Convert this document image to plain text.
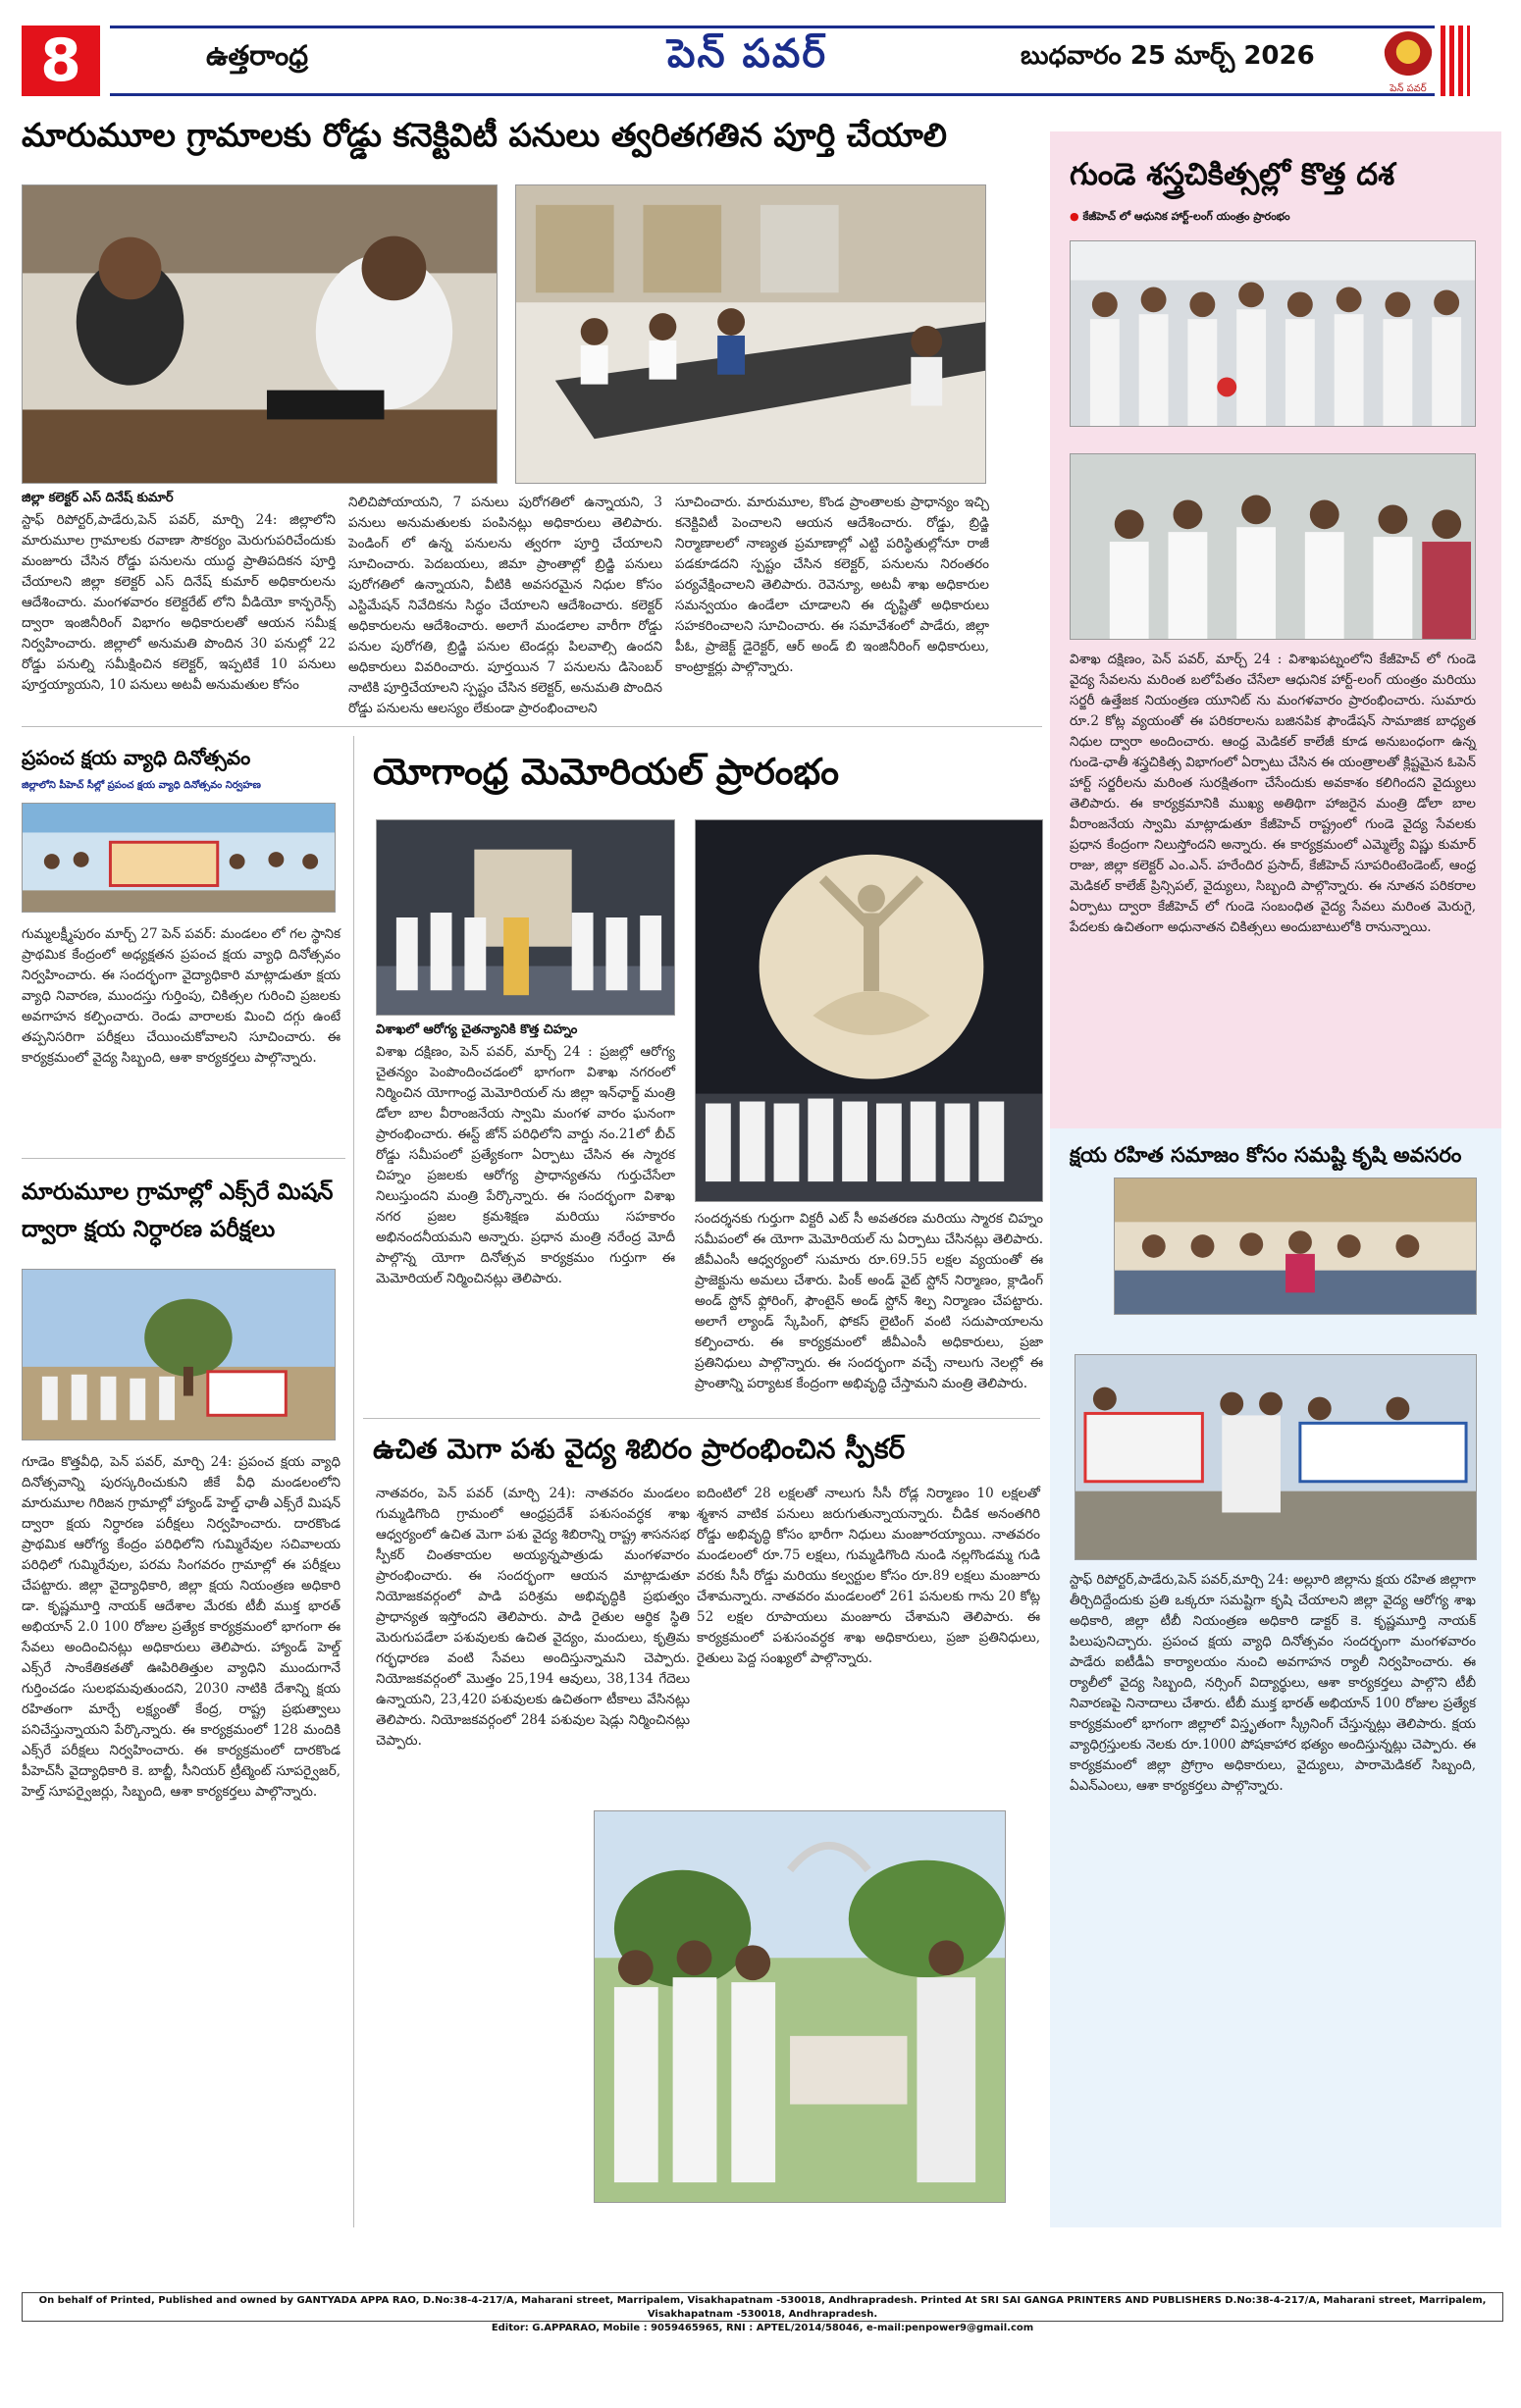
8	ఉత్తరాంధ్ర	పెన్ పవర్	బుధవారం 25 మార్చ్ 2026
పెన్ పవర్
మారుమూల గ్రామాలకు రోడ్డు కనెక్టివిటీ పనులు త్వరితగతిన పూర్తి చేయాలి
జిల్లా కలెక్టర్ ఎస్ దినేష్ కుమార్
స్టాఫ్ రిపోర్టర్,పాడేరు,పెన్ పవర్, మార్చి 24: జిల్లాలోని మారుమూల గ్రామాలకు రవాణా సౌకర్యం మెరుగుపరిచేందుకు మంజూరు చేసిన రోడ్డు పనులను యుద్ధ ప్రాతిపదికన పూర్తి చేయాలని జిల్లా కలెక్టర్ ఎస్ దినేష్ కుమార్ అధికారులను ఆదేశించారు. మంగళవారం కలెక్టరేట్ లోని వీడియో కాన్ఫరెన్స్ ద్వారా ఇంజినీరింగ్ విభాగం అధికారులతో ఆయన సమీక్ష నిర్వహించారు. జిల్లాలో అనుమతి పొందిన 30 పనుల్లో 22 రోడ్డు పనుల్ని సమీక్షించిన కలెక్టర్, ఇప్పటికే 10 పనులు పూర్తయ్యాయని, 10 పనులు అటవీ అనుమతుల కోసం
నిలిచిపోయాయని, 7 పనులు పురోగతిలో ఉన్నాయని, 3 పనులు అనుమతులకు పంపినట్లు అధికారులు తెలిపారు. పెండింగ్ లో ఉన్న పనులను త్వరగా పూర్తి చేయాలని సూచించారు. పెదబయలు, జిమా ప్రాంతాల్లో బ్రిడ్జి పనులు పురోగతిలో ఉన్నాయని, వీటికి అవసరమైన నిధుల కోసం ఎస్టిమేషన్ నివేదికను సిద్ధం చేయాలని ఆదేశించారు. కలెక్టర్ అధికారులను ఆదేశించారు. అలాగే మండలాల వారీగా రోడ్డు పనుల పురోగతి, బ్రిడ్జి పనుల టెండర్లు పిలవాల్సి ఉందని అధికారులు వివరించారు. పూర్తయిన 7 పనులను డిసెంబర్ నాటికి పూర్తిచేయాలని స్పష్టం చేసిన కలెక్టర్, అనుమతి పొందిన రోడ్డు పనులను ఆలస్యం లేకుండా ప్రారంభించాలని
సూచించారు. మారుమూల, కొండ ప్రాంతాలకు ప్రాధాన్యం ఇచ్చి కనెక్టివిటీ పెంచాలని ఆయన ఆదేశించారు. రోడ్డు, బ్రిడ్జి నిర్మాణాలలో నాణ్యత ప్రమాణాల్లో ఎట్టి పరిస్థితుల్లోనూ రాజీ పడకూడదని స్పష్టం చేసిన కలెక్టర్, పనులను నిరంతరం పర్యవేక్షించాలని తెలిపారు. రెవెన్యూ, అటవీ శాఖ అధికారుల సమన్వయం ఉండేలా చూడాలని ఈ దృష్టితో అధికారులు సహకరించాలని సూచించారు. ఈ సమావేశంలో పాడేరు, జిల్లా పీఓ, ప్రాజెక్ట్ డైరెక్టర్, ఆర్ అండ్ బి ఇంజినీరింగ్ అధికారులు, కాంట్రాక్టర్లు పాల్గొన్నారు.
గుండె శస్త్రచికిత్సల్లో కొత్త దశ
● కేజీహెచ్ లో ఆధునిక హార్ట్-లంగ్ యంత్రం ప్రారంభం
విశాఖ దక్షిణం, పెన్ పవర్, మార్చ్ 24 : విశాఖపట్నంలోని కేజీహెచ్ లో గుండె వైద్య సేవలను మరింత బలోపేతం చేసేలా ఆధునిక హార్ట్-లంగ్ యంత్రం మరియు సర్జరీ ఉత్తేజక నియంత్రణ యూనిట్ ను మంగళవారం ప్రారంభించారు. సుమారు రూ.2 కోట్ల వ్యయంతో ఈ పరికరాలను బజినపిక ఫౌండేషన్ సామాజిక బాధ్యత నిధుల ద్వారా అందించారు. ఆంధ్ర మెడికల్ కాలేజీ కూడ అనుబంధంగా ఉన్న గుండె-ఛాతీ శస్త్రచికిత్స విభాగంలో ఏర్పాటు చేసిన ఈ యంత్రాలతో క్లిష్టమైన ఓపెన్ హార్ట్ సర్జరీలను మరింత సురక్షితంగా చేసేందుకు అవకాశం కలిగిందని వైద్యులు తెలిపారు. ఈ కార్యక్రమానికి ముఖ్య అతిథిగా హాజరైన మంత్రి డోలా బాల వీరాంజనేయ స్వామి మాట్లాడుతూ కేజీహెచ్ రాష్ట్రంలో గుండె వైద్య సేవలకు ప్రధాన కేంద్రంగా నిలుస్తోందని అన్నారు. ఈ కార్యక్రమంలో ఎమ్మెల్యే విష్ణు కుమార్ రాజు, జిల్లా కలెక్టర్ ఎం.ఎన్. హరేందిర ప్రసాద్, కేజీహెచ్ సూపరింటెండెంట్, ఆంధ్ర మెడికల్ కాలేజ్ ప్రిన్సిపల్, వైద్యులు, సిబ్బంది పాల్గొన్నారు. ఈ నూతన పరికరాల ఏర్పాటు ద్వారా కేజీహెచ్ లో గుండె సంబంధిత వైద్య సేవలు మరింత మెరుగై, పేదలకు ఉచితంగా అధునాతన చికిత్సలు అందుబాటులోకి రానున్నాయి.
క్షయ రహిత సమాజం కోసం సమష్టి కృషి అవసరం
స్టాఫ్ రిపోర్టర్,పాడేరు,పెన్ పవర్,మార్చి 24: అల్లూరి జిల్లాను క్షయ రహిత జిల్లాగా తీర్చిదిద్దేందుకు ప్రతి ఒక్కరూ సమష్టిగా కృషి చేయాలని జిల్లా వైద్య ఆరోగ్య శాఖ అధికారి, జిల్లా టీబీ నియంత్రణ అధికారి డాక్టర్ కె. కృష్ణమూర్తి నాయక్ పిలుపునిచ్చారు. ప్రపంచ క్షయ వ్యాధి దినోత్సవం సందర్భంగా మంగళవారం పాడేరు ఐటీడీఏ కార్యాలయం నుంచి అవగాహన ర్యాలీ నిర్వహించారు. ఈ ర్యాలీలో వైద్య సిబ్బంది, నర్సింగ్ విద్యార్థులు, ఆశా కార్యకర్తలు పాల్గొని టీబీ నివారణపై నినాదాలు చేశారు. టీబీ ముక్త భారత్ అభియాన్ 100 రోజుల ప్రత్యేక కార్యక్రమంలో భాగంగా జిల్లాలో విస్తృతంగా స్క్రీనింగ్ చేస్తున్నట్లు తెలిపారు. క్షయ వ్యాధిగ్రస్తులకు నెలకు రూ.1000 పోషకాహార భత్యం అందిస్తున్నట్లు చెప్పారు. ఈ కార్యక్రమంలో జిల్లా ప్రోగ్రాం అధికారులు, వైద్యులు, పారామెడికల్ సిబ్బంది, ఏఎన్ఎంలు, ఆశా కార్యకర్తలు పాల్గొన్నారు.
ప్రపంచ క్షయ వ్యాధి దినోత్సవం
జిల్లాలోని పీహెచ్ సీల్లో ప్రపంచ క్షయ వ్యాధి దినోత్సవం నిర్వహణ
గుమ్మలక్ష్మీపురం మార్చ్ 27 పెన్ పవర్: మండలం లో గల స్థానిక ప్రాథమిక కేంద్రంలో అధ్యక్షతన ప్రపంచ క్షయ వ్యాధి దినోత్సవం నిర్వహించారు. ఈ సందర్భంగా వైద్యాధికారి మాట్లాడుతూ క్షయ వ్యాధి నివారణ, ముందస్తు గుర్తింపు, చికిత్సల గురించి ప్రజలకు అవగాహన కల్పించారు. రెండు వారాలకు మించి దగ్గు ఉంటే తప్పనిసరిగా పరీక్షలు చేయించుకోవాలని సూచించారు. ఈ కార్యక్రమంలో వైద్య సిబ్బంది, ఆశా కార్యకర్తలు పాల్గొన్నారు.
మారుమూల గ్రామాల్లో ఎక్స్‌రే మిషన్ ద్వారా క్షయ నిర్ధారణ పరీక్షలు
గూడెం కొత్తవీధి, పెన్ పవర్, మార్చి 24: ప్రపంచ క్షయ వ్యాధి దినోత్సవాన్ని పురస్కరించుకుని జీకే వీధి మండలంలోని మారుమూల గిరిజన గ్రామాల్లో హ్యాండ్ హెల్డ్ ఛాతీ ఎక్స్‌రే మిషన్ ద్వారా క్షయ నిర్ధారణ పరీక్షలు నిర్వహించారు. దారకొండ ప్రాథమిక ఆరోగ్య కేంద్రం పరిధిలోని గుమ్మిరేవుల సచివాలయ పరిధిలో గుమ్మిరేవుల, పరమ సింగవరం గ్రామాల్లో ఈ పరీక్షలు చేపట్టారు. జిల్లా వైద్యాధికారి, జిల్లా క్షయ నియంత్రణ అధికారి డా. కృష్ణమూర్తి నాయక్ ఆదేశాల మేరకు టీబీ ముక్త భారత్ అభియాన్ 2.0 100 రోజుల ప్రత్యేక కార్యక్రమంలో భాగంగా ఈ సేవలు అందించినట్లు అధికారులు తెలిపారు. హ్యాండ్ హెల్డ్ ఎక్స్‌రే సాంకేతికతతో ఊపిరితిత్తుల వ్యాధిని ముందుగానే గుర్తించడం సులభమవుతుందని, 2030 నాటికి దేశాన్ని క్షయ రహితంగా మార్చే లక్ష్యంతో కేంద్ర, రాష్ట్ర ప్రభుత్వాలు పనిచేస్తున్నాయని పేర్కొన్నారు. ఈ కార్యక్రమంలో 128 మందికి ఎక్స్‌రే పరీక్షలు నిర్వహించారు. ఈ కార్యక్రమంలో దారకొండ పీహెచ్‌సీ వైద్యాధికారి కె. బాబ్జీ, సీనియర్ ట్రీట్మెంట్ సూపర్వైజర్, హెల్త్ సూపర్వైజర్లు, సిబ్బంది, ఆశా కార్యకర్తలు పాల్గొన్నారు.
యోగాంధ్ర మెమోరియల్ ప్రారంభం
విశాఖలో ఆరోగ్య చైతన్యానికి కొత్త చిహ్నం
విశాఖ దక్షిణం, పెన్ పవర్, మార్చ్ 24 : ప్రజల్లో ఆరోగ్య చైతన్యం పెంపొందించడంలో భాగంగా విశాఖ నగరంలో నిర్మించిన యోగాంధ్ర మెమోరియల్ ను జిల్లా ఇన్‌ఛార్జ్ మంత్రి డోలా బాల వీరాంజనేయ స్వామి మంగళ వారం ఘనంగా ప్రారంభించారు. ఈస్ట్ జోన్ పరిధిలోని వార్డు నం.21లో బీచ్ రోడ్డు సమీపంలో ప్రత్యేకంగా ఏర్పాటు చేసిన ఈ స్మారక చిహ్నం ప్రజలకు ఆరోగ్య ప్రాధాన్యతను గుర్తుచేసేలా నిలుస్తుందని మంత్రి పేర్కొన్నారు. ఈ సందర్భంగా విశాఖ నగర ప్రజల క్రమశిక్షణ మరియు సహకారం అభినందనీయమని అన్నారు. ప్రధాన మంత్రి నరేంద్ర మోదీ పాల్గొన్న యోగా దినోత్సవ కార్యక్రమం గుర్తుగా ఈ మెమోరియల్ నిర్మించినట్లు తెలిపారు.
సందర్శనకు గుర్తుగా విక్టరీ ఎట్ సీ అవతరణ మరియు స్మారక చిహ్నం సమీపంలో ఈ యోగా మెమోరియల్ ను ఏర్పాటు చేసినట్లు తెలిపారు. జీవీఎంసీ ఆధ్వర్యంలో సుమారు రూ.69.55 లక్షల వ్యయంతో ఈ ప్రాజెక్టును అమలు చేశారు. పింక్ అండ్ వైట్ స్టోన్ నిర్మాణం, క్లాడింగ్ అండ్ స్టోన్ ఫ్లోరింగ్, ఫౌంటైన్ అండ్ స్టోన్ శిల్ప నిర్మాణం చేపట్టారు. అలాగే ల్యాండ్ స్కేపింగ్, ఫోకస్ లైటింగ్ వంటి సదుపాయాలను కల్పించారు. ఈ కార్యక్రమంలో జీవీఎంసీ అధికారులు, ప్రజా ప్రతినిధులు పాల్గొన్నారు. ఈ సందర్భంగా వచ్చే నాలుగు నెలల్లో ఈ ప్రాంతాన్ని పర్యాటక కేంద్రంగా అభివృద్ధి చేస్తామని మంత్రి తెలిపారు.
ఉచిత మెగా పశు వైద్య శిబిరం ప్రారంభించిన స్పీకర్
నాతవరం, పెన్ పవర్ (మార్చి 24): నాతవరం మండలం గుమ్మడిగొంది గ్రామంలో ఆంధ్రప్రదేశ్ పశుసంవర్ధక శాఖ ఆధ్వర్యంలో ఉచిత మెగా పశు వైద్య శిబిరాన్ని రాష్ట్ర శాసనసభ స్పీకర్ చింతకాయల అయ్యన్నపాత్రుడు మంగళవారం ప్రారంభించారు. ఈ సందర్భంగా ఆయన మాట్లాడుతూ నియోజకవర్గంలో పాడి పరిశ్రమ అభివృద్ధికి ప్రభుత్వం ప్రాధాన్యత ఇస్తోందని తెలిపారు. పాడి రైతుల ఆర్థిక స్థితి మెరుగుపడేలా పశువులకు ఉచిత వైద్యం, మందులు, కృత్రిమ గర్భధారణ వంటి సేవలు అందిస్తున్నామని చెప్పారు. నియోజకవర్గంలో మొత్తం 25,194 ఆవులు, 38,134 గేదెలు ఉన్నాయని, 23,420 పశువులకు ఉచితంగా టీకాలు వేసినట్లు తెలిపారు. నియోజకవర్గంలో 284 పశువుల షెడ్లు నిర్మించినట్లు చెప్పారు.
ఐదింటిలో 28 లక్షలతో నాలుగు సీసీ రోడ్ల నిర్మాణం 10 లక్షలతో శ్మశాన వాటిక పనులు జరుగుతున్నాయన్నారు. చీడిక అనంతగిరి రోడ్డు అభివృద్ధి కోసం భారీగా నిధులు మంజూరయ్యాయి. నాతవరం మండలంలో రూ.75 లక్షలు, గుమ్మడిగొంది నుండి నల్లగొండమ్మ గుడి వరకు సీసీ రోడ్డు మరియు కల్వర్టుల కోసం రూ.89 లక్షలు మంజూరు చేశామన్నారు. నాతవరం మండలంలో 261 పనులకు గాను 20 కోట్ల 52 లక్షల రూపాయలు మంజూరు చేశామని తెలిపారు. ఈ కార్యక్రమంలో పశుసంవర్ధక శాఖ అధికారులు, ప్రజా ప్రతినిధులు, రైతులు పెద్ద సంఖ్యలో పాల్గొన్నారు.
On behalf of Printed, Published and owned by GANTYADA APPA RAO, D.No:38-4-217/A, Maharani street, Marripalem, Visakhapatnam -530018, Andhrapradesh. Printed At SRI SAI GANGA PRINTERS AND PUBLISHERS D.No:38-4-217/A, Maharani street, Marripalem, Visakhapatnam -530018, Andhrapradesh.
Editor: G.APPARAO, Mobile : 9059465965, RNI : APTEL/2014/58046, e-mail:penpower9@gmail.com
